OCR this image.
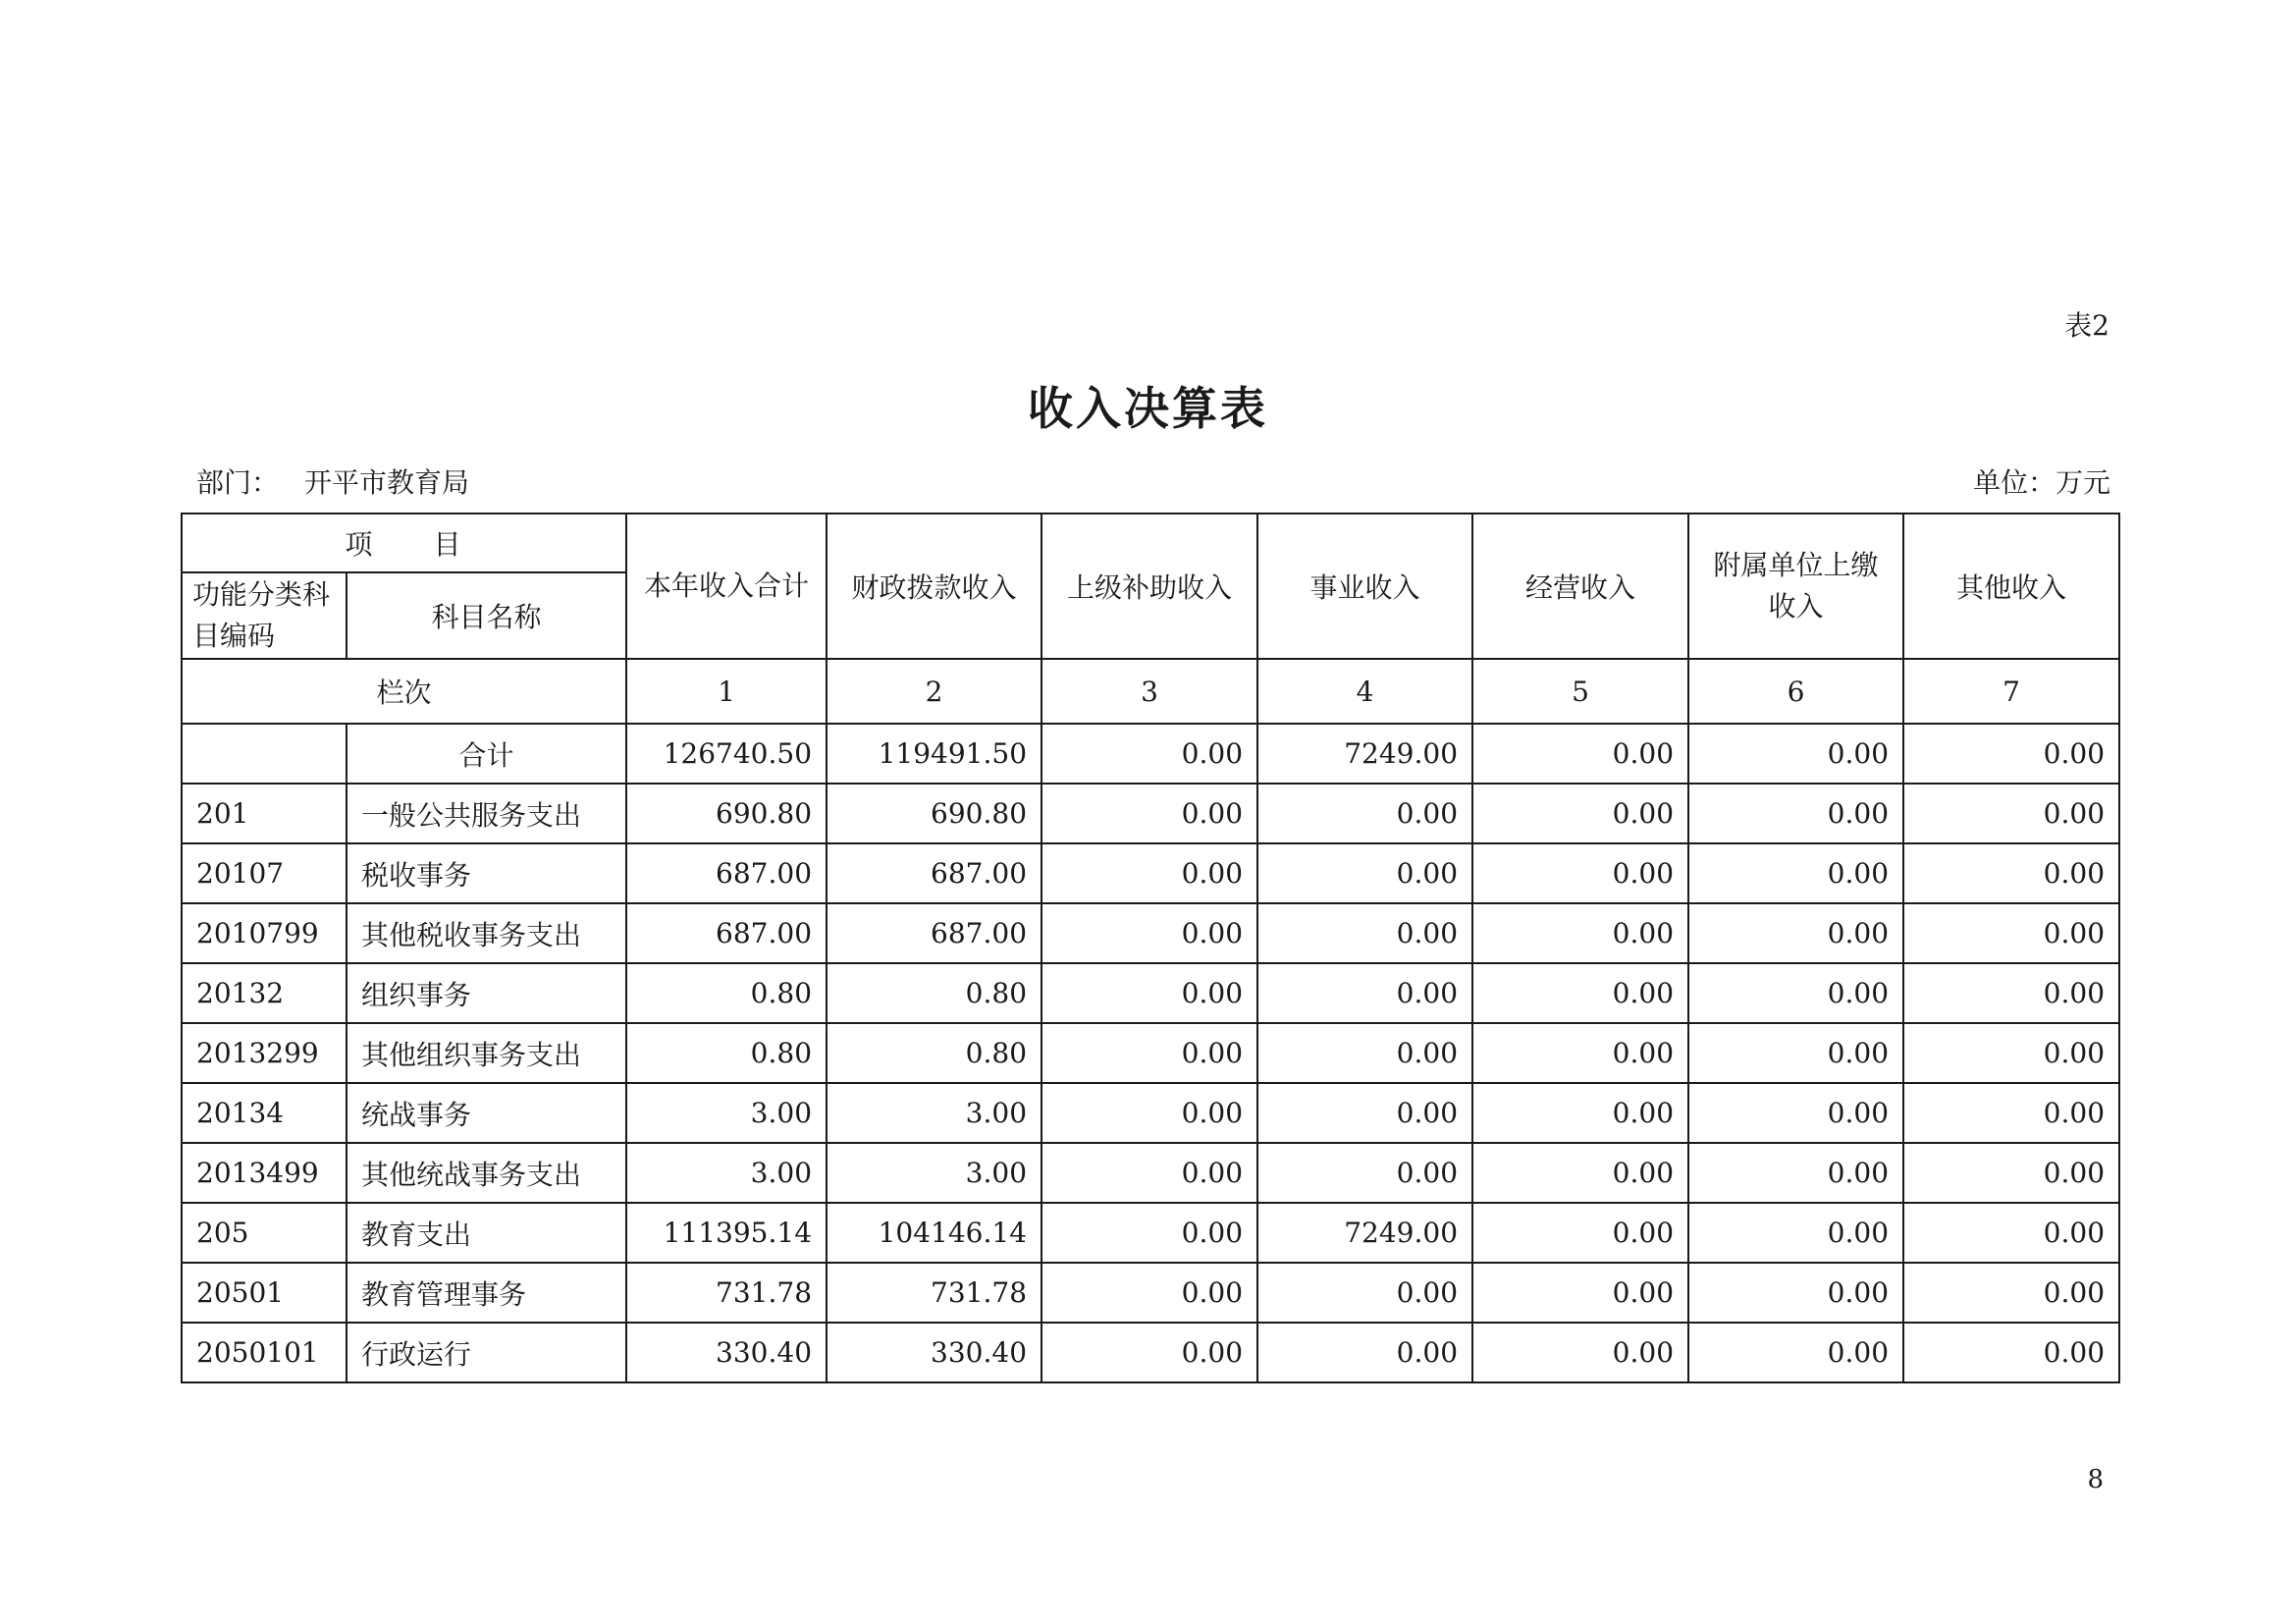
表2
收入决算表
部门： 开平市教育局	单位：万元
项　　目		本年收入合计	财政拨款收入	上级补助收入	事业收入	经营收入	附属单位上缴收入	其他收入
功能分类科目编码	科目名称							
栏次		1	2	3	4	5	6	7
	合计	126740.50	119491.50	0.00	7249.00	0.00	0.00	0.00
201	一般公共服务支出	690.80	690.80	0.00	0.00	0.00	0.00	0.00
20107	税收事务	687.00	687.00	0.00	0.00	0.00	0.00	0.00
2010799	其他税收事务支出	687.00	687.00	0.00	0.00	0.00	0.00	0.00
20132	组织事务	0.80	0.80	0.00	0.00	0.00	0.00	0.00
2013299	其他组织事务支出	0.80	0.80	0.00	0.00	0.00	0.00	0.00
20134	统战事务	3.00	3.00	0.00	0.00	0.00	0.00	0.00
2013499	其他统战事务支出	3.00	3.00	0.00	0.00	0.00	0.00	0.00
205	教育支出	111395.14	104146.14	0.00	7249.00	0.00	0.00	0.00
20501	教育管理事务	731.78	731.78	0.00	0.00	0.00	0.00	0.00
2050101	行政运行	330.40	330.40	0.00	0.00	0.00	0.00	0.00
8
